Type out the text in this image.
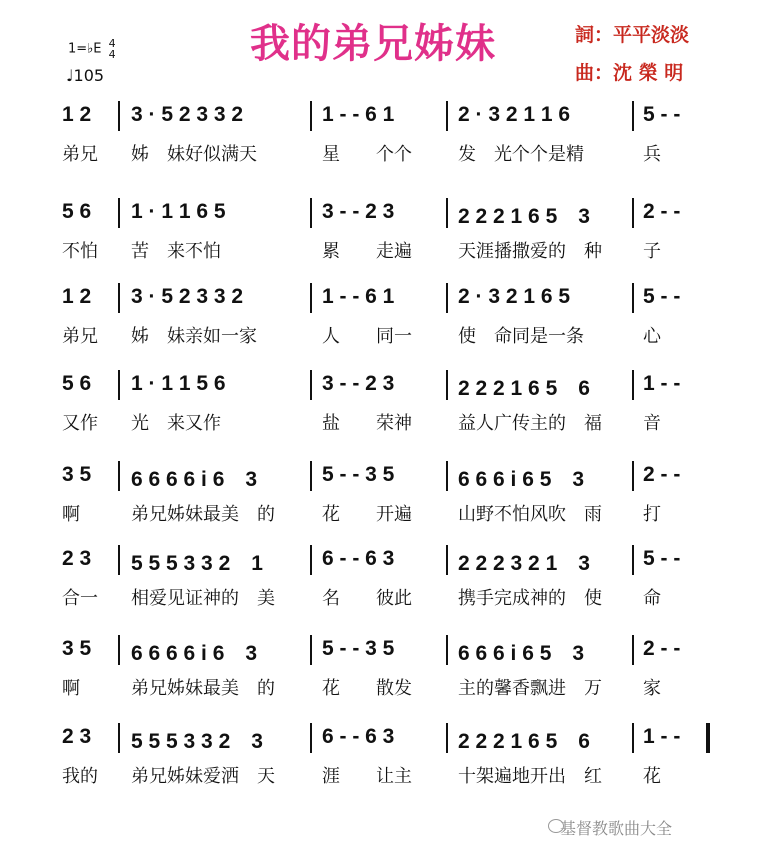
我的弟兄姊妹	詞：平平淡淡
曲：沈 榮 明
1=♭E 4
4
♩105
1 2 3 · 5 2 3 3 2	1 - - 6 1	2 · 3 2 1 1 6	5 - -
弟兄 姊　妹好似满天	星　　个个	发　光个个是精	兵
5 6 1 · 1 1 6 5	3 - - 2 3	2 2 2 1 6 5　3	2 - -
不怕 苦　来不怕	累　　走遍	天涯播撒爱的　种 子
1 2 3 · 5 2 3 3 2	1 - - 6 1	2 · 3 2 1 6 5	5 - -
弟兄 姊　妹亲如一家	人　　同一	使　命同是一条	心
5 6 1 · 1 1 5 6	3 - - 2 3	2 2 2 1 6 5　6	1 - -
又作 光　来又作	盐　　荣神	益人广传主的　福 音
3 5 6 6 6 6 i 6　3	5 - - 3 5	6 6 6 i 6 5　3	2 - -
啊	弟兄姊妹最美　的	花　　开遍	山野不怕风吹　雨 打
2 3 5 5 5 3 3 2　1	6 - - 6 3	2 2 2 3 2 1　3	5 - -
合一 相爱见证神的　美	名　　彼此	携手完成神的　使 命
3 5 6 6 6 6 i 6　3	5 - - 3 5	6 6 6 i 6 5　3	2 - -
啊	弟兄姊妹最美　的	花　　散发	主的馨香飘进　万 家
2 3 5 5 5 3 3 2　3	6 - - 6 3	2 2 2 1 6 5　6	1 - -
我的 弟兄姊妹爱洒　天	涯　　让主	十架遍地开出　红 花
基督教歌曲大全
